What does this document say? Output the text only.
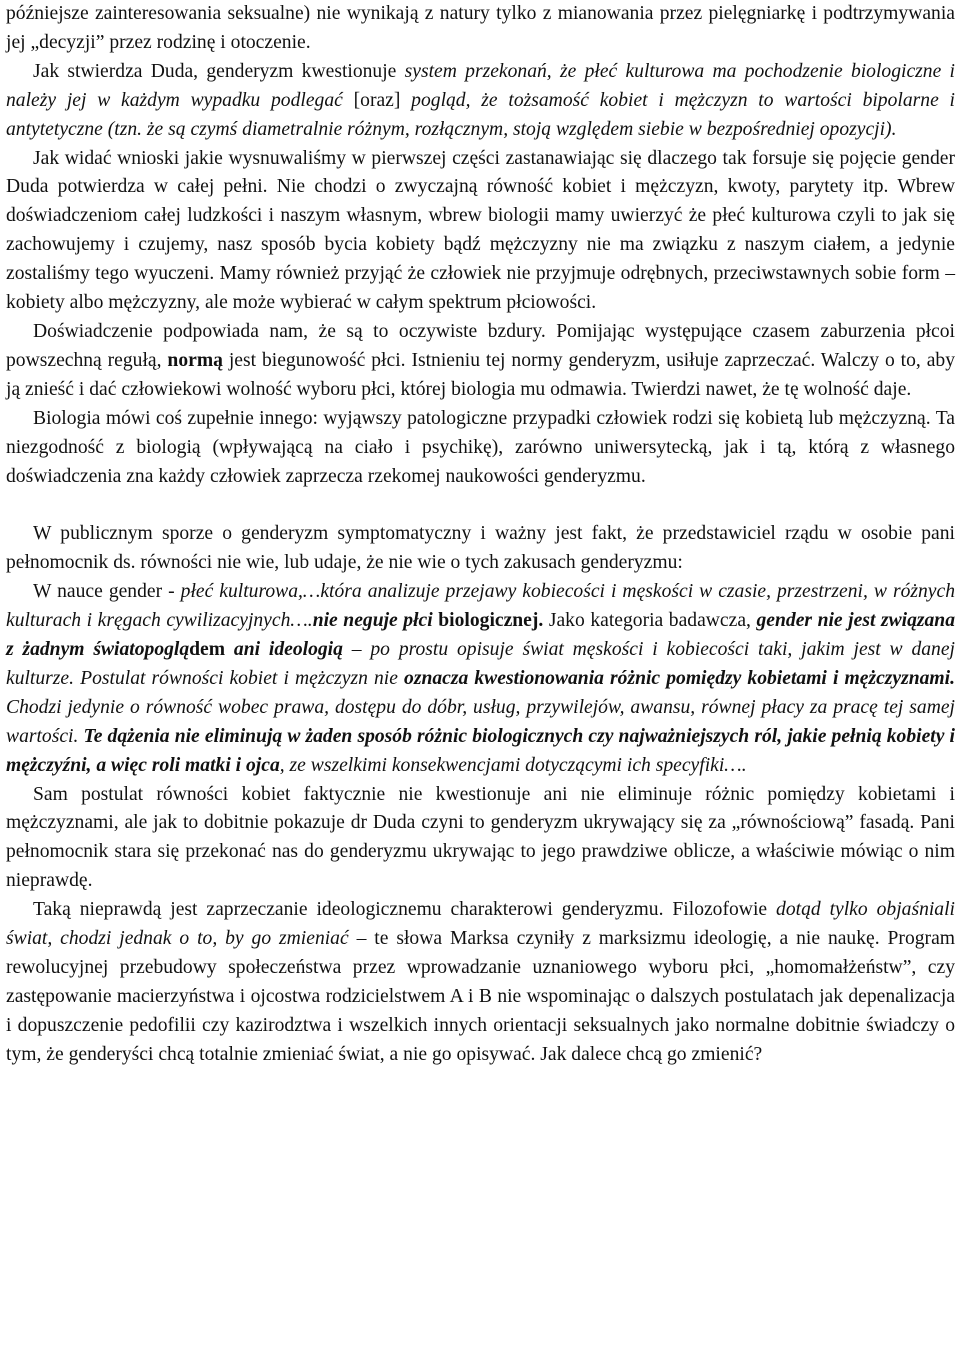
późniejsze zainteresowania seksualne) nie wynikają z natury tylko z mianowania przez pielęgniarkę i podtrzymywania jej „decyzji” przez rodzinę i otoczenie.

Jak stwierdza Duda, genderyzm kwestionuje system przekonań, że płeć kulturowa ma pochodzenie biologiczne i należy jej w każdym wypadku podlegać [oraz] pogląd, że tożsamość kobiet i mężczyzn to wartości bipolarne i antytetyczne (tzn. że są czymś diametralnie różnym, rozłącznym, stoją względem siebie w bezpośredniej opozycji).

Jak widać wnioski jakie wysnuwaliśmy w pierwszej części zastanawiając się dlaczego tak forsuje się pojęcie gender Duda potwierdza w całej pełni. Nie chodzi o zwyczajną równość kobiet i mężczyzn, kwoty, parytety itp. Wbrew doświadczeniom całej ludzkości i naszym własnym, wbrew biologii mamy uwierzyć że płeć kulturowa czyli to jak się zachowujemy i czujemy, nasz sposób bycia kobiety bądź mężczyzny nie ma związku z naszym ciałem, a jedynie zostaliśmy tego wyuczeni. Mamy również przyjąć że człowiek nie przyjmuje odrębnych, przeciwstawnych sobie form – kobiety albo mężczyzny, ale może wybierać w całym spektrum płciowości.

Doświadczenie podpowiada nam, że są to oczywiste bzdury. Pomijając występujące czasem zaburzenia płcoi powszechną regułą, normą jest biegunowość płci. Istnieniu tej normy genderyzm, usiłuje zaprzeczać. Walczy o to, aby ją znieść i dać człowiekowi wolność wyboru płci, której biologia mu odmawia. Twierdzi nawet, że tę wolność daje.

Biologia mówi coś zupełnie innego: wyjąwszy patologiczne przypadki człowiek rodzi się kobietą lub mężczyzną. Ta niezgodność z biologią (wpływającą na ciało i psychikę), zarówno uniwersytecką, jak i tą, którą z własnego doświadczenia zna każdy człowiek zaprzecza rzekomej naukowości genderyzmu.

W publicznym sporze o genderyzm symptomatyczny i ważny jest fakt, że przedstawiciel rządu w osobie pani pełnomocnik ds. równości nie wie, lub udaje, że nie wie o tych zakusach genderyzmu:

W nauce gender - płeć kulturowa,…która analizuje przejawy kobiecości i męskości w czasie, przestrzeni, w różnych kulturach i kręgach cywilizacyjnych….nie neguje płci biologicznej. Jako kategoria badawcza, gender nie jest związana z żadnym światopoglądem ani ideologią – po prostu opisuje świat męskości i kobiecości taki, jakim jest w danej kulturze. Postulat równości kobiet i mężczyzn nie oznacza kwestionowania różnic pomiędzy kobietami i mężczyznami. Chodzi jedynie o równość wobec prawa, dostępu do dóbr, usług, przywilejów, awansu, równej płacy za pracę tej samej wartości. Te dążenia nie eliminują w żaden sposób różnic biologicznych czy najważniejszych ról, jakie pełnią kobiety i mężczyźni, a więc roli matki i ojca, ze wszelkimi konsekwencjami dotyczącymi ich specyfiki….

Sam postulat równości kobiet faktycznie nie kwestionuje ani nie eliminuje różnic pomiędzy kobietami i mężczyznami, ale jak to dobitnie pokazuje dr Duda czyni to genderyzm ukrywający się za „równościową” fasadą. Pani pełnomocnik stara się przekonać nas do genderyzmu ukrywając to jego prawdziwe oblicze, a właściwie mówiąc o nim nieprawdę.

Taką nieprawdą jest zaprzeczanie ideologicznemu charakterowi genderyzmu. Filozofowie dotąd tylko objaśniali świat, chodzi jednak o to, by go zmieniać – te słowa Marksa czyniły z marksizmu ideologię, a nie naukę. Program rewolucyjnej przebudowy społeczeństwa przez wprowadzanie uznaniowego wyboru płci, „homomałżeństw”, czy zastępowanie macierzyństwa i ojcostwa rodzicielstwem A i B nie wspominając o dalszych postulatach jak depenalizacja i dopuszczenie pedofilii czy kazirodztwa i wszelkich innych orientacji seksualnych jako normalne dobitnie świadczy o tym, że genderyści chcą totalnie zmieniać świat, a nie go opisywać. Jak dalece chcą go zmienić?
